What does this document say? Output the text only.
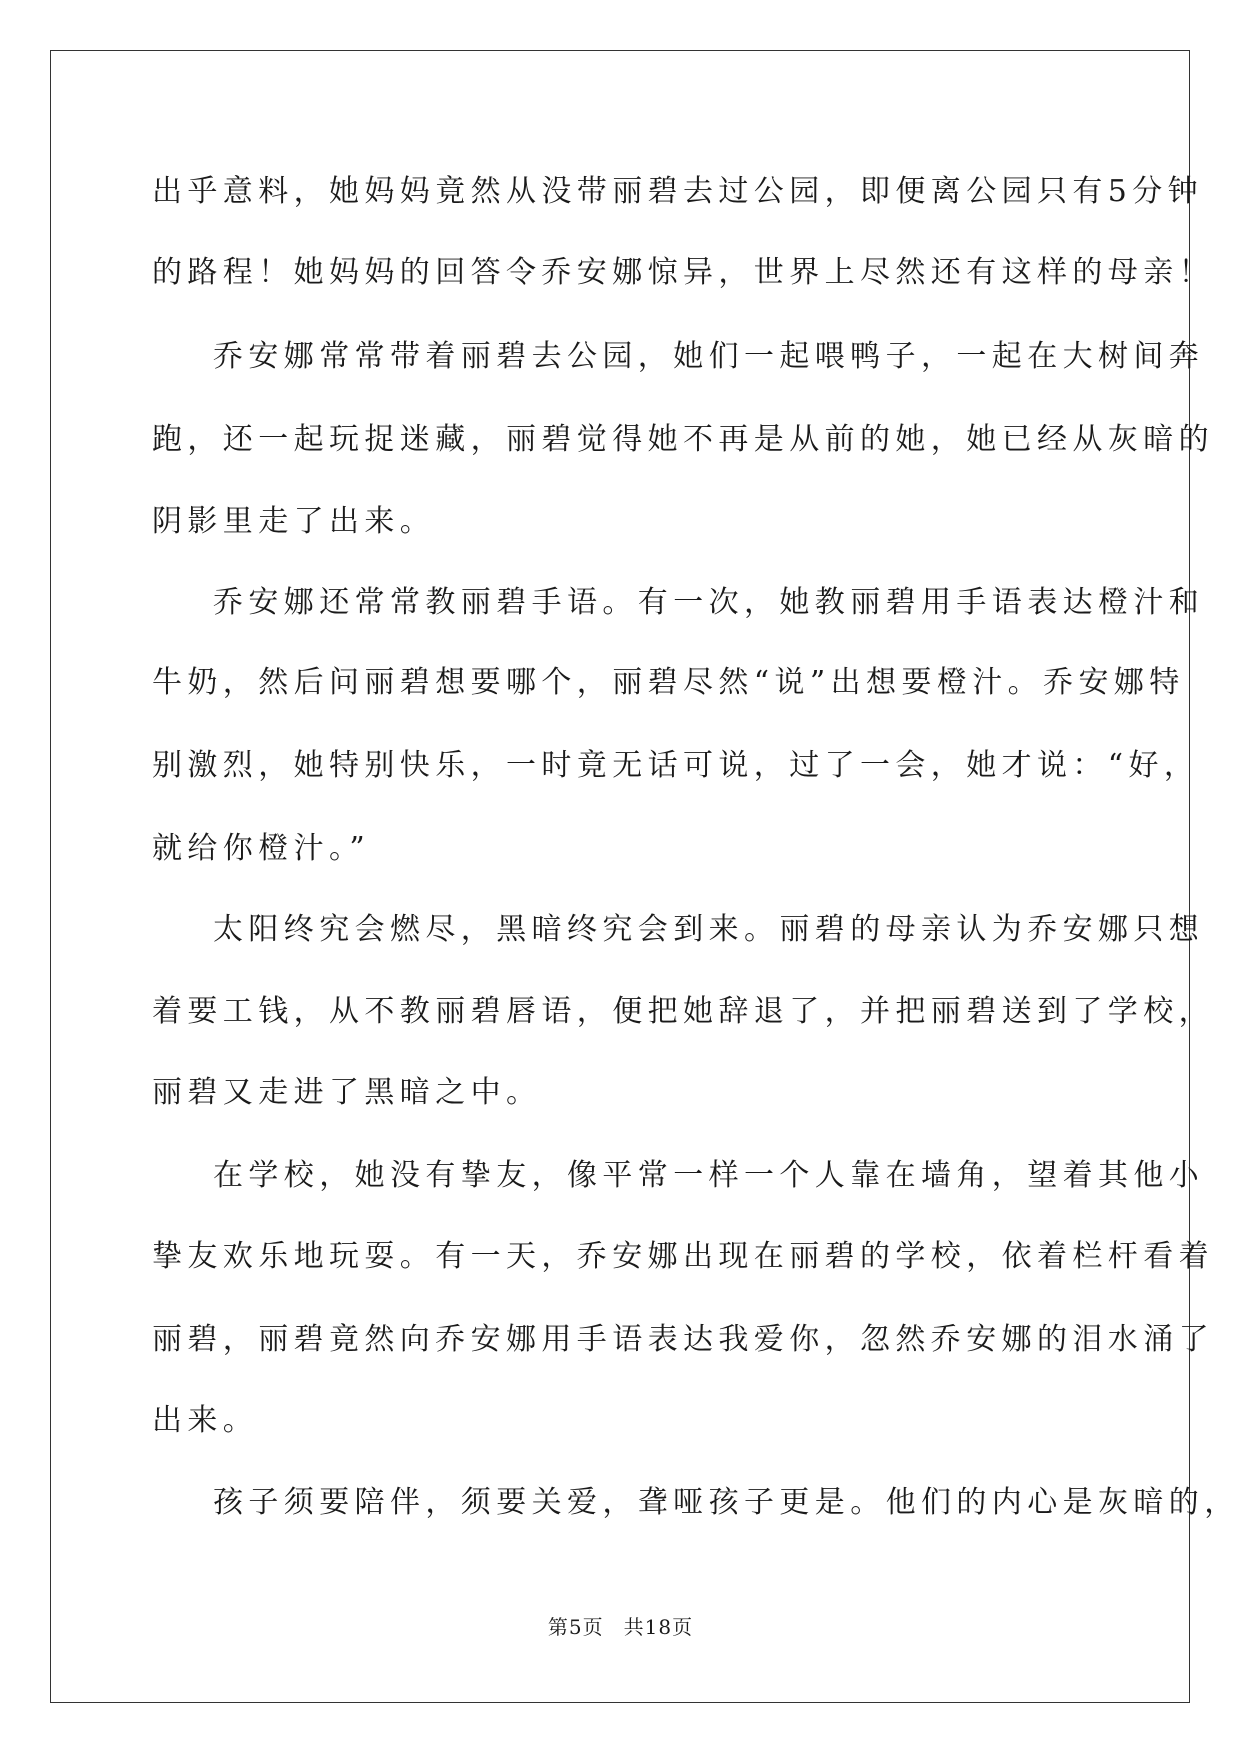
出乎意料，她妈妈竟然从没带丽碧去过公园，即便离公园只有5分钟
的路程！她妈妈的回答令乔安娜惊异，世界上尽然还有这样的母亲！
乔安娜常常带着丽碧去公园，她们一起喂鸭子，一起在大树间奔
跑，还一起玩捉迷藏，丽碧觉得她不再是从前的她，她已经从灰暗的
阴影里走了出来。
乔安娜还常常教丽碧手语。有一次，她教丽碧用手语表达橙汁和
牛奶，然后问丽碧想要哪个，丽碧尽然“说”出想要橙汁。乔安娜特
别激烈，她特别快乐，一时竟无话可说，过了一会，她才说：“好，
就给你橙汁。”
太阳终究会燃尽，黑暗终究会到来。丽碧的母亲认为乔安娜只想
着要工钱，从不教丽碧唇语，便把她辞退了，并把丽碧送到了学校，
丽碧又走进了黑暗之中。
在学校，她没有挚友，像平常一样一个人靠在墙角，望着其他小
挚友欢乐地玩耍。有一天，乔安娜出现在丽碧的学校，依着栏杆看着
丽碧，丽碧竟然向乔安娜用手语表达我爱你，忽然乔安娜的泪水涌了
出来。
孩子须要陪伴，须要关爱，聋哑孩子更是。他们的内心是灰暗的，
第5页 共18页
